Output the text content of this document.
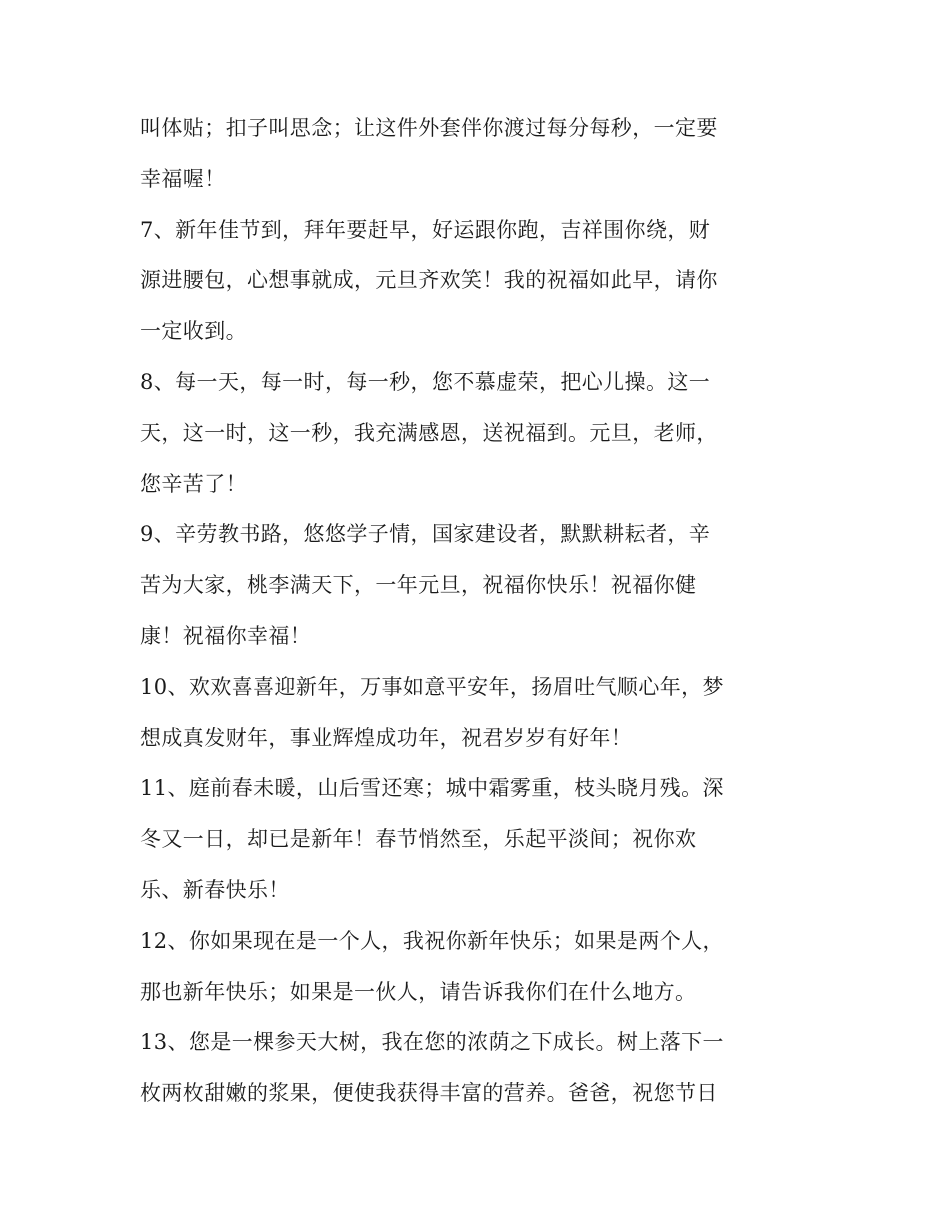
叫体贴；扣子叫思念；让这件外套伴你渡过每分每秒，一定要
幸福喔！
7、新年佳节到，拜年要赶早，好运跟你跑，吉祥围你绕，财
源进腰包，心想事就成，元旦齐欢笑！我的祝福如此早，请你
一定收到。
8、每一天，每一时，每一秒，您不慕虚荣，把心儿操。这一
天，这一时，这一秒，我充满感恩，送祝福到。元旦，老师，
您辛苦了！
9、辛劳教书路，悠悠学子情，国家建设者，默默耕耘者，辛
苦为大家，桃李满天下，一年元旦，祝福你快乐！祝福你健
康！祝福你幸福！
10、欢欢喜喜迎新年，万事如意平安年，扬眉吐气顺心年，梦
想成真发财年，事业辉煌成功年，祝君岁岁有好年！
11、庭前春未暖，山后雪还寒；城中霜雾重，枝头晓月残。深
冬又一日，却已是新年！春节悄然至，乐起平淡间；祝你欢
乐、新春快乐！
12、你如果现在是一个人，我祝你新年快乐；如果是两个人，
那也新年快乐；如果是一伙人，请告诉我你们在什么地方。
13、您是一棵参天大树，我在您的浓荫之下成长。树上落下一
枚两枚甜嫩的浆果，便使我获得丰富的营养。爸爸，祝您节日
